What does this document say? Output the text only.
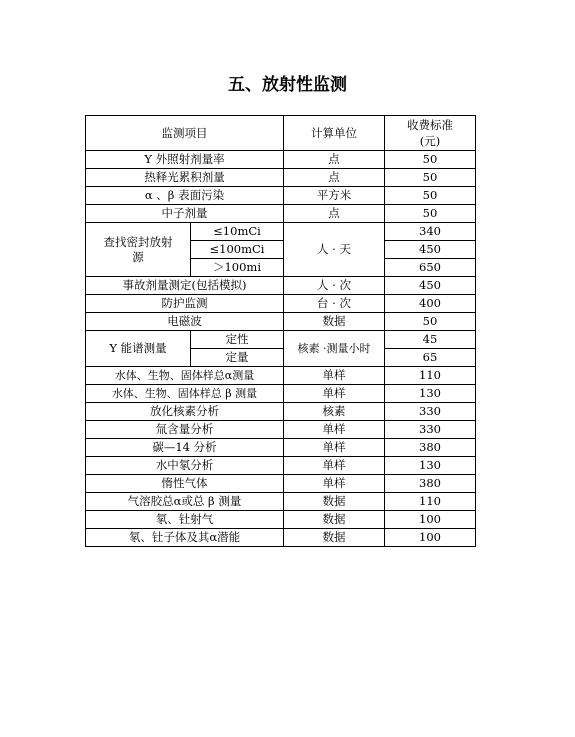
五、放射性监测
监测项目		计算单位	收费标准
(元)
Y 外照射剂量率		点	50
热释光累积剂量		点	50
α 、β 表面污染		平方米	50
中子剂量		点	50
查找密封放射
源	≤10mCi	人 · 天	340
	≤100mCi		450
	＞100mi		650
事故剂量测定(包括模拟)		人 · 次	450
防护监测		台 · 次	400
电磁波		数据	50
Y 能谱测量	定性	核素 ·测量小时	45
	定量		65
水体、生物、固体样总α测量		单样	110
水体、生物、固体样总 β 测量		单样	130
放化核素分析		核素	330
氚含量分析		单样	330
碳—14 分析		单样	380
水中氡分析		单样	130
惰性气体		单样	380
气溶胶总α或总 β 测量		数据	110
氡、钍射气		数据	100
氡、钍子体及其α潜能		数据	100
